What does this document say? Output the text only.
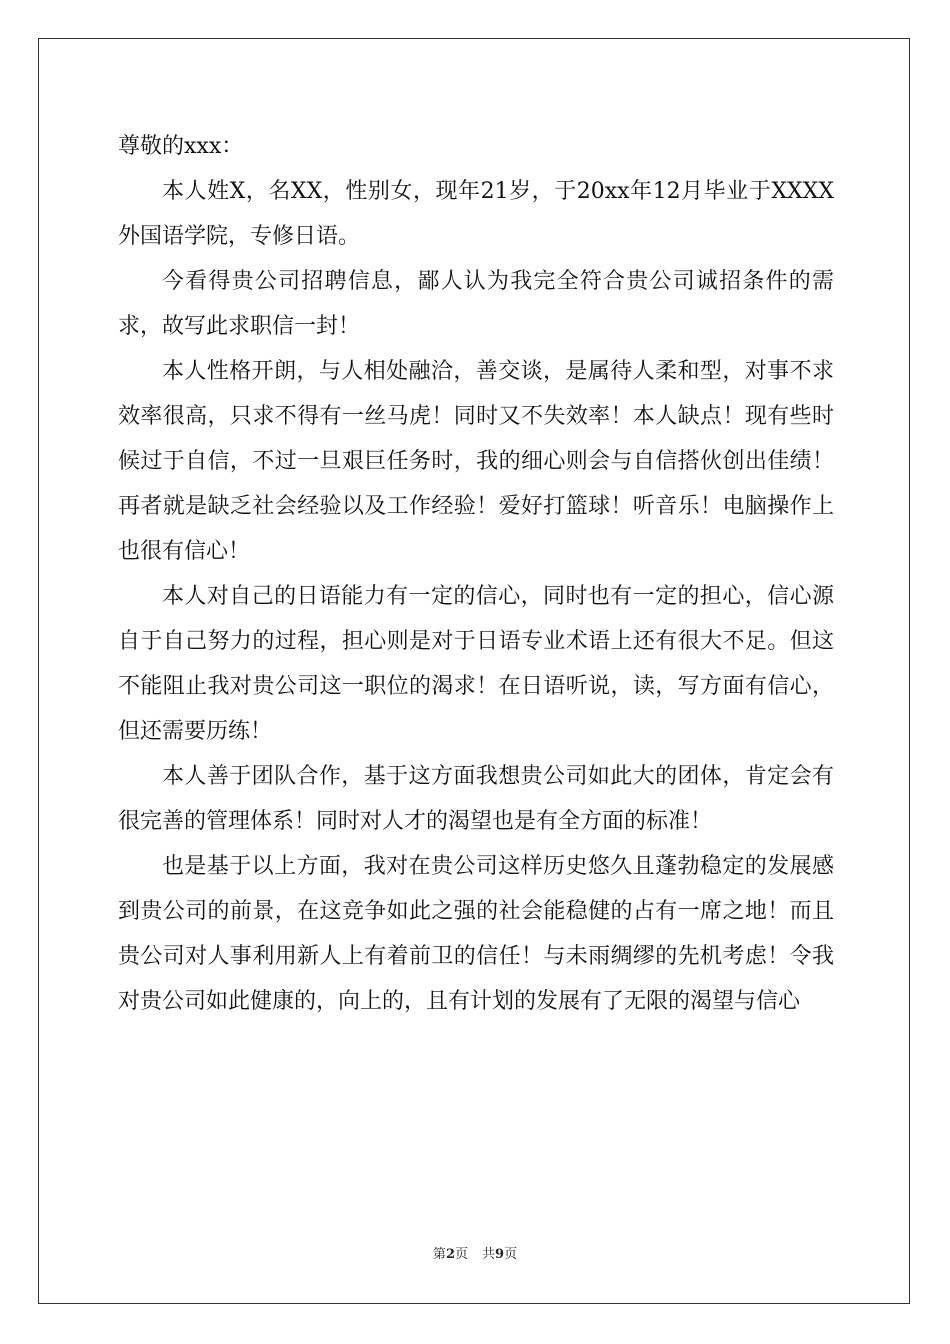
尊敬的xxx：

本人姓X，名XX，性别女，现年21岁，于20xx年12月毕业于XXXX外国语学院，专修日语。

今看得贵公司招聘信息，鄙人认为我完全符合贵公司诚招条件的需求，故写此求职信一封！

本人性格开朗，与人相处融洽，善交谈，是属待人柔和型，对事不求效率很高，只求不得有一丝马虎！同时又不失效率！本人缺点！现有些时候过于自信，不过一旦艰巨任务时，我的细心则会与自信搭伙创出佳绩！再者就是缺乏社会经验以及工作经验！爱好打篮球！听音乐！电脑操作上也很有信心！

本人对自己的日语能力有一定的信心，同时也有一定的担心，信心源自于自己努力的过程，担心则是对于日语专业术语上还有很大不足。但这不能阻止我对贵公司这一职位的渴求！在日语听说，读，写方面有信心，但还需要历练！

本人善于团队合作，基于这方面我想贵公司如此大的团体，肯定会有很完善的管理体系！同时对人才的渴望也是有全方面的标准！

也是基于以上方面，我对在贵公司这样历史悠久且蓬勃稳定的发展感到贵公司的前景，在这竞争如此之强的社会能稳健的占有一席之地！而且贵公司对人事利用新人上有着前卫的信任！与未雨绸缪的先机考虑！令我对贵公司如此健康的，向上的，且有计划的发展有了无限的渴望与信心

第2页 共9页
